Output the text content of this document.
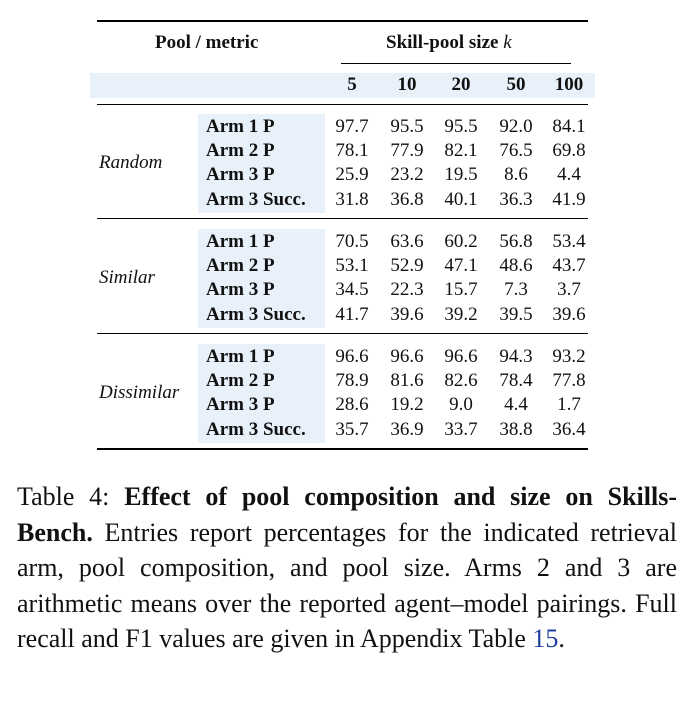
Pool / metric	Skill-pool size k
5	10	20	50	100
Random
Arm 1 P	97.7	95.5	95.5	92.0	84.1
Arm 2 P	78.1	77.9	82.1	76.5	69.8
Arm 3 P	25.9	23.2	19.5	8.6	4.4
Arm 3 Succ.	31.8	36.8	40.1	36.3	41.9
Similar
Arm 1 P	70.5	63.6	60.2	56.8	53.4
Arm 2 P	53.1	52.9	47.1	48.6	43.7
Arm 3 P	34.5	22.3	15.7	7.3	3.7
Arm 3 Succ.	41.7	39.6	39.2	39.5	39.6
Dissimilar
Arm 1 P	96.6	96.6	96.6	94.3	93.2
Arm 2 P	78.9	81.6	82.6	78.4	77.8
Arm 3 P	28.6	19.2	9.0	4.4	1.7
Arm 3 Succ.	35.7	36.9	33.7	38.8	36.4
Table 4: Effect of pool composition and size on Skills-Bench. Entries report percentages for the indicated retrieval arm, pool composition, and pool size. Arms 2 and 3 are arithmetic means over the reported agent–model pairings. Full recall and F1 values are given in Appendix Table 15.
